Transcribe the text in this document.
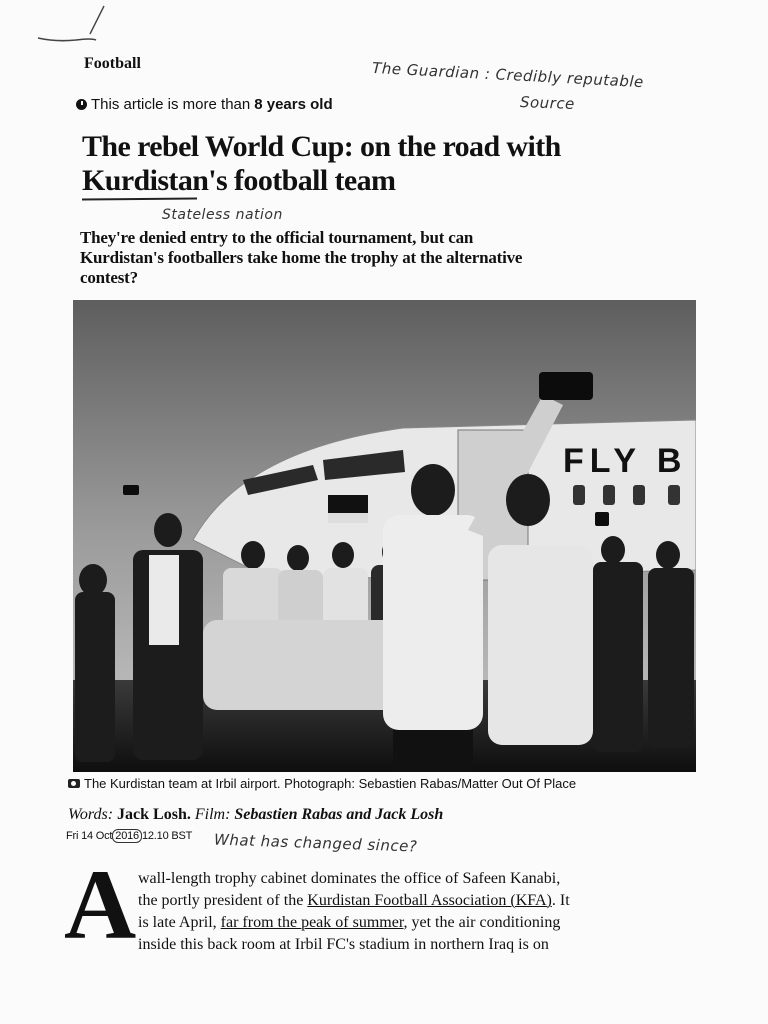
Football	The Guardian : Credibly reputable
Source
This article is more than 8 years old
The rebel World Cup: on the road with
Kurdistan's football team
Stateless nation
They're denied entry to the official tournament, but can Kurdistan's footballers take home the trophy at the alternative contest?
FLY B
The Kurdistan team at Irbil airport. Photograph: Sebastien Rabas/Matter Out Of Place
Words: Jack Losh. Film: Sebastien Rabas and Jack Losh
Fri 14 Oct 2016 12.10 BST What has changed since?
A wall-length trophy cabinet dominates the office of Safeen Kanabi,

the portly president of the Kurdistan Football Association (KFA). It

is late April, far from the peak of summer, yet the air conditioning

inside this back room at Irbil FC's stadium in northern Iraq is on
